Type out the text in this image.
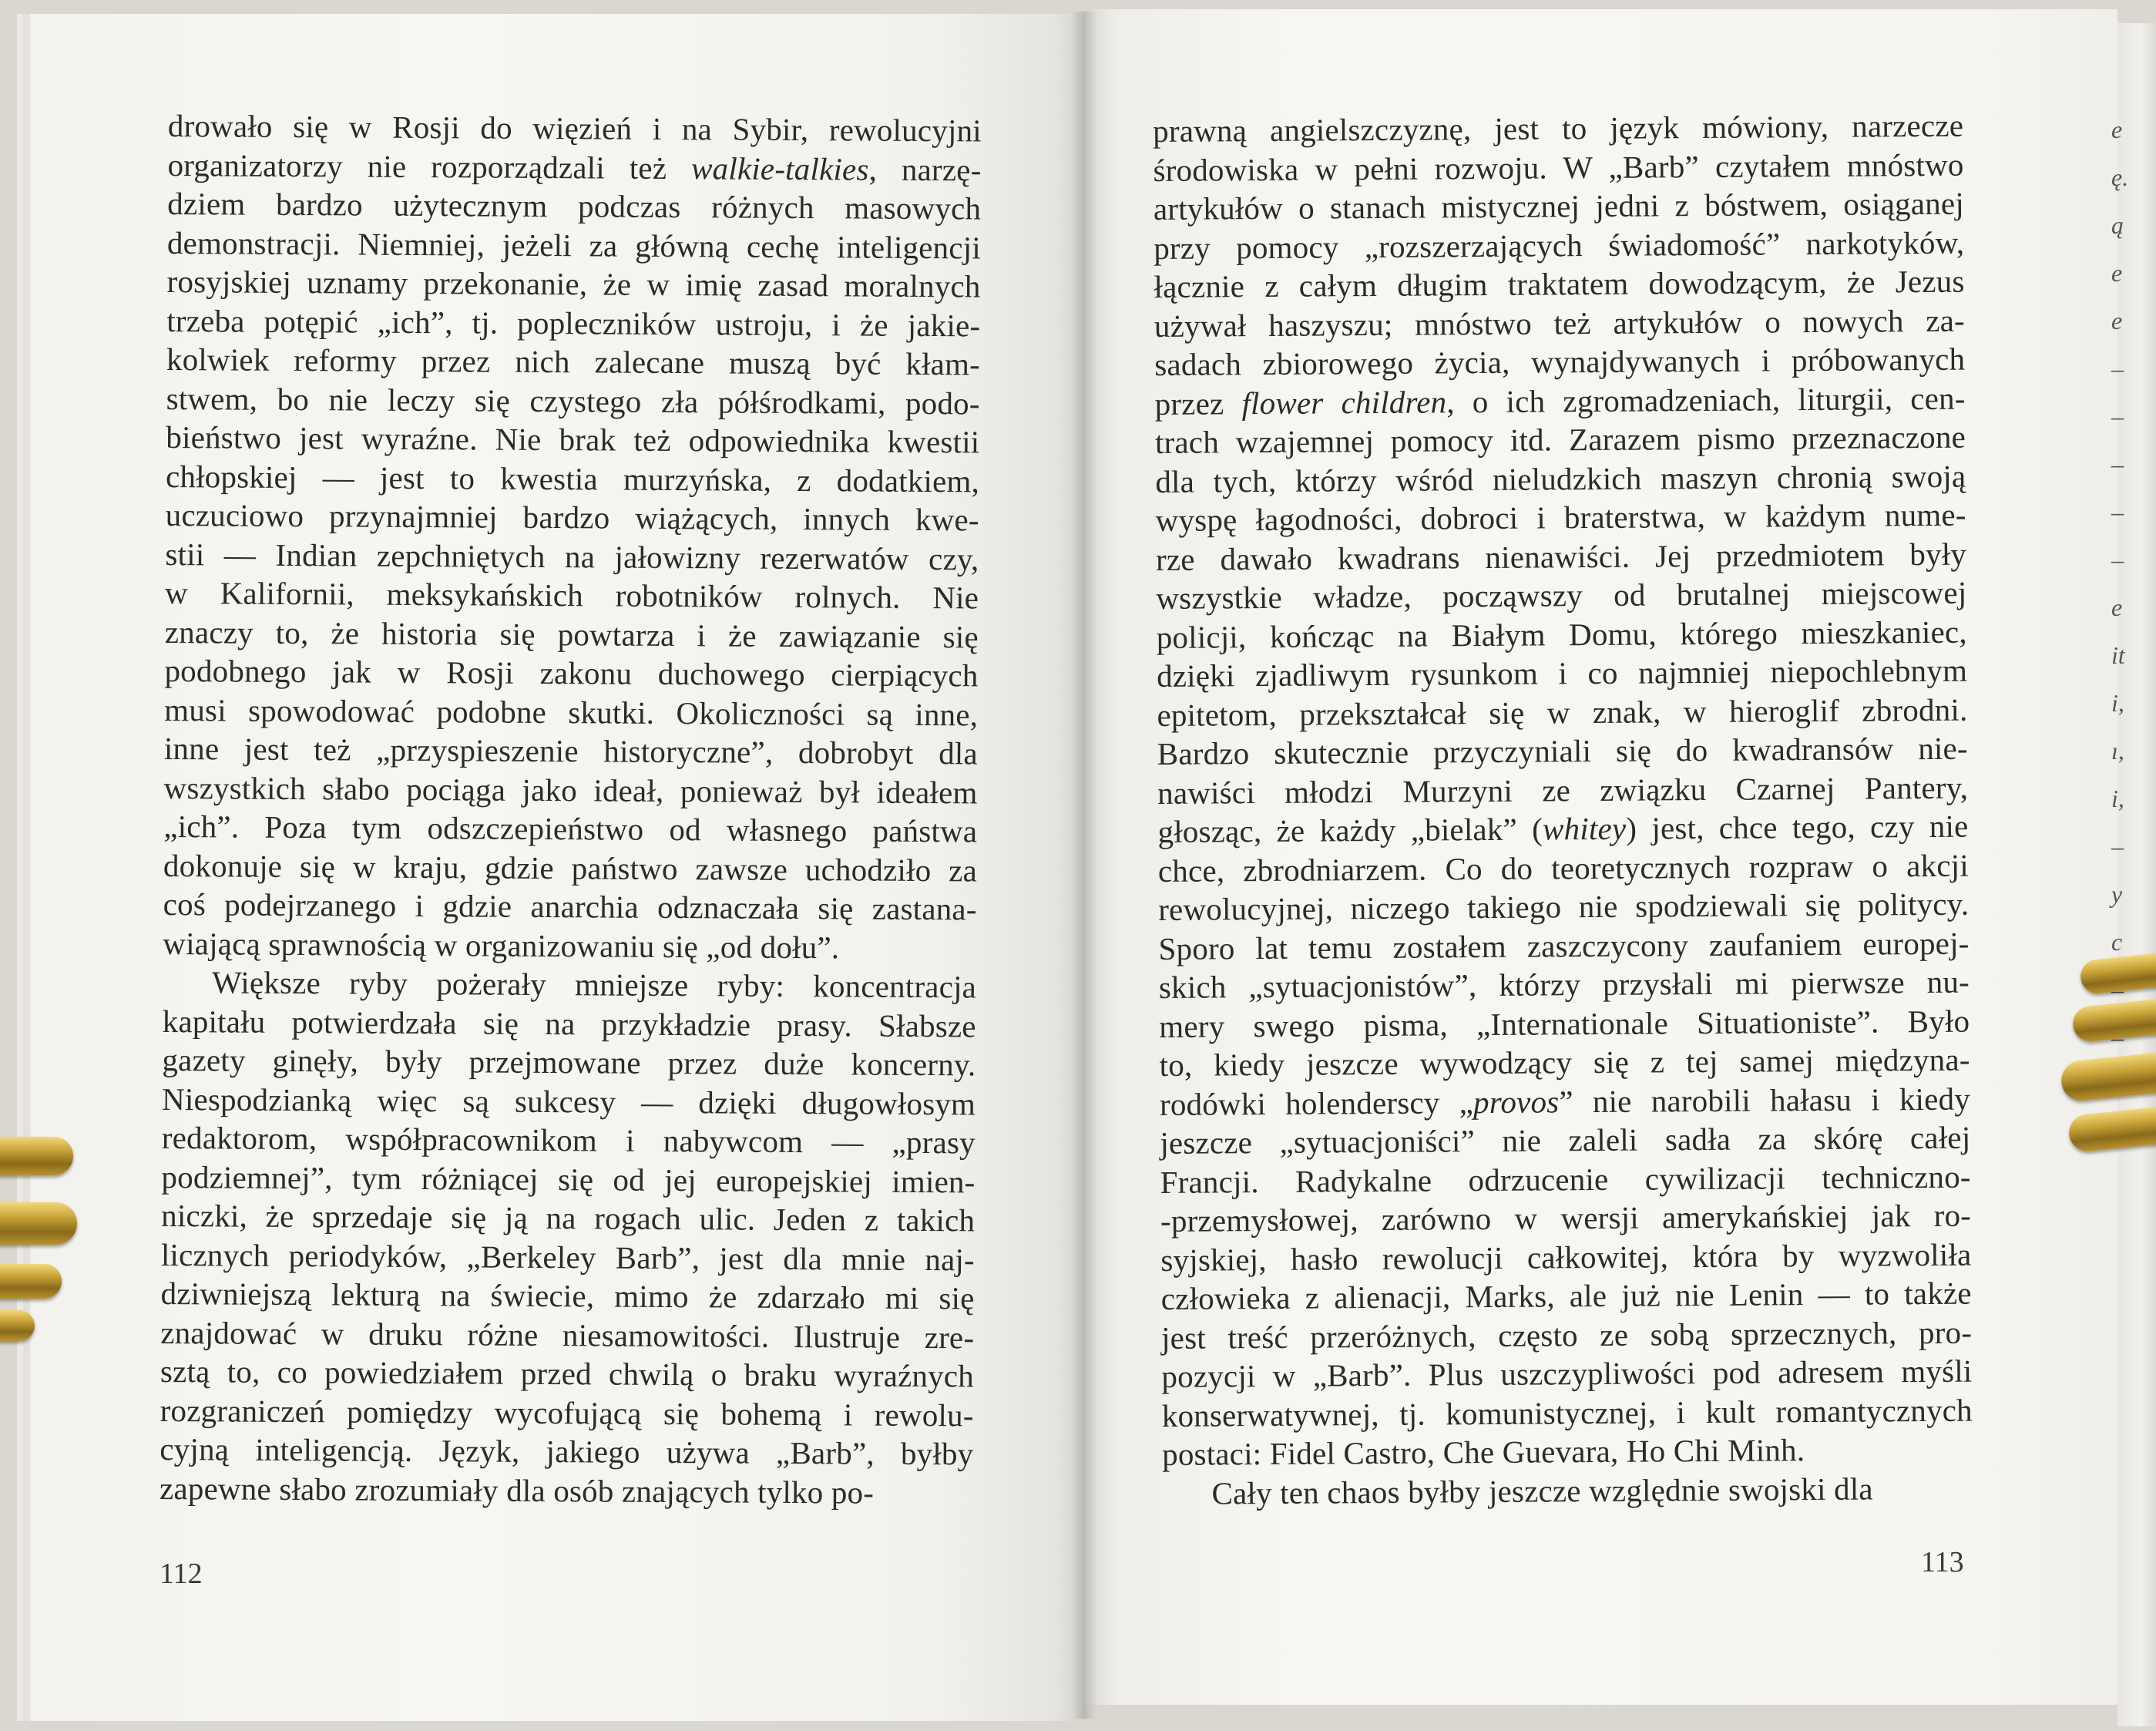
drowało się w Rosji do więzień i na Sybir, rewolucyjni
organizatorzy nie rozporządzali też walkie-talkies, narzę-
dziem bardzo użytecznym podczas różnych masowych
demonstracji. Niemniej, jeżeli za główną cechę inteligencji
rosyjskiej uznamy przekonanie, że w imię zasad moralnych
trzeba potępić „ich”, tj. popleczników ustroju, i że jakie-
kolwiek reformy przez nich zalecane muszą być kłam-
stwem, bo nie leczy się czystego zła półśrodkami, podo-
bieństwo jest wyraźne. Nie brak też odpowiednika kwestii
chłopskiej — jest to kwestia murzyńska, z dodatkiem,
uczuciowo przynajmniej bardzo wiążących, innych kwe-
stii — Indian zepchniętych na jałowizny rezerwatów czy,
w Kalifornii, meksykańskich robotników rolnych. Nie
znaczy to, że historia się powtarza i że zawiązanie się
podobnego jak w Rosji zakonu duchowego cierpiących
musi spowodować podobne skutki. Okoliczności są inne,
inne jest też „przyspieszenie historyczne”, dobrobyt dla
wszystkich słabo pociąga jako ideał, ponieważ był ideałem
„ich”. Poza tym odszczepieństwo od własnego państwa
dokonuje się w kraju, gdzie państwo zawsze uchodziło za
coś podejrzanego i gdzie anarchia odznaczała się zastana-
wiającą sprawnością w organizowaniu się „od dołu”.
Większe ryby pożerały mniejsze ryby: koncentracja
kapitału potwierdzała się na przykładzie prasy. Słabsze
gazety ginęły, były przejmowane przez duże koncerny.
Niespodzianką więc są sukcesy — dzięki długowłosym
redaktorom, współpracownikom i nabywcom — „prasy
podziemnej”, tym różniącej się od jej europejskiej imien-
niczki, że sprzedaje się ją na rogach ulic. Jeden z takich
licznych periodyków, „Berkeley Barb”, jest dla mnie naj-
dziwniejszą lekturą na świecie, mimo że zdarzało mi się
znajdować w druku różne niesamowitości. Ilustruje zre-
sztą to, co powiedziałem przed chwilą o braku wyraźnych
rozgraniczeń pomiędzy wycofującą się bohemą i rewolu-
cyjną inteligencją. Język, jakiego używa „Barb”, byłby
zapewne słabo zrozumiały dla osób znających tylko po-
prawną angielszczyznę, jest to język mówiony, narzecze
środowiska w pełni rozwoju. W „Barb” czytałem mnóstwo
artykułów o stanach mistycznej jedni z bóstwem, osiąganej
przy pomocy „rozszerzających świadomość” narkotyków,
łącznie z całym długim traktatem dowodzącym, że Jezus
używał haszyszu; mnóstwo też artykułów o nowych za-
sadach zbiorowego życia, wynajdywanych i próbowanych
przez flower children, o ich zgromadzeniach, liturgii, cen-
trach wzajemnej pomocy itd. Zarazem pismo przeznaczone
dla tych, którzy wśród nieludzkich maszyn chronią swoją
wyspę łagodności, dobroci i braterstwa, w każdym nume-
rze dawało kwadrans nienawiści. Jej przedmiotem były
wszystkie władze, począwszy od brutalnej miejscowej
policji, kończąc na Białym Domu, którego mieszkaniec,
dzięki zjadliwym rysunkom i co najmniej niepochlebnym
epitetom, przekształcał się w znak, w hieroglif zbrodni.
Bardzo skutecznie przyczyniali się do kwadransów nie-
nawiści młodzi Murzyni ze związku Czarnej Pantery,
głosząc, że każdy „bielak” (whitey) jest, chce tego, czy nie
chce, zbrodniarzem. Co do teoretycznych rozpraw o akcji
rewolucyjnej, niczego takiego nie spodziewali się politycy.
Sporo lat temu zostałem zaszczycony zaufaniem europej-
skich „sytuacjonistów”, którzy przysłali mi pierwsze nu-
mery swego pisma, „Internationale Situationiste”. Było
to, kiedy jeszcze wywodzący się z tej samej międzyna-
rodówki holenderscy „provos” nie narobili hałasu i kiedy
jeszcze „sytuacjoniści” nie zaleli sadła za skórę całej
Francji. Radykalne odrzucenie cywilizacji techniczno-
-przemysłowej, zarówno w wersji amerykańskiej jak ro-
syjskiej, hasło rewolucji całkowitej, która by wyzwoliła
człowieka z alienacji, Marks, ale już nie Lenin — to także
jest treść przeróżnych, często ze sobą sprzecznych, pro-
pozycji w „Barb”. Plus uszczypliwości pod adresem myśli
konserwatywnej, tj. komunistycznej, i kult romantycznych
postaci: Fidel Castro, Che Guevara, Ho Chi Minh.
Cały ten chaos byłby jeszcze względnie swojski dla
112	113
e
ę.
ą
e
e
–
–
–
–
–
e
it
i,
ı,
i,
–
y
c
